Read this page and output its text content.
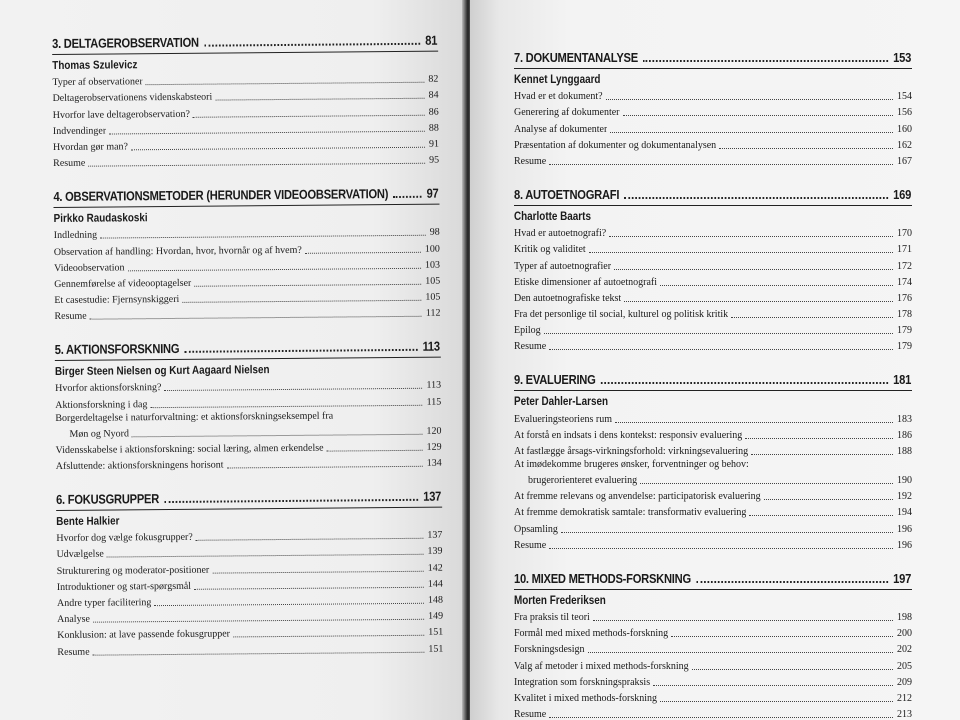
3. DELTAGEROBSERVATION	81
Thomas Szulevicz
Typer af observationer	82
Deltagerobservationens videnskabsteori	84
Hvorfor lave deltagerobservation?	86
Indvendinger	88
Hvordan gør man?	91
Resume	95
4. OBSERVATIONSMETODER (HERUNDER VIDEOOBSERVATION)	97
Pirkko Raudaskoski
Indledning	98
Observation af handling: Hvordan, hvor, hvornår og af hvem?	100
Videoobservation	103
Gennemførelse af videooptagelser	105
Et casestudie: Fjernsynskiggeri	105
Resume	112
5. AKTIONSFORSKNING	113
Birger Steen Nielsen og Kurt Aagaard Nielsen
Hvorfor aktionsforskning?	113
Aktionsforskning i dag	115
Borgerdeltagelse i naturforvaltning: et aktionsforskningseksempel fra
Møn og Nyord	120
Vidensskabelse i aktionsforskning: social læring, almen erkendelse	129
Afsluttende: aktionsforskningens horisont	134
6. FOKUSGRUPPER	137
Bente Halkier
Hvorfor dog vælge fokusgrupper?	137
Udvælgelse	139
Strukturering og moderator-positioner	142
Introduktioner og start-spørgsmål	144
Andre typer facilitering	148
Analyse	149
Konklusion: at lave passende fokusgrupper	151
Resume	151
7. DOKUMENTANALYSE	153
Kennet Lynggaard
Hvad er et dokument?	154
Generering af dokumenter	156
Analyse af dokumenter	160
Præsentation af dokumenter og dokumentanalysen	162
Resume	167
8. AUTOETNOGRAFI	169
Charlotte Baarts
Hvad er autoetnografi?	170
Kritik og validitet	171
Typer af autoetnografier	172
Etiske dimensioner af autoetnografi	174
Den autoetnografiske tekst	176
Fra det personlige til social, kulturel og politisk kritik	178
Epilog	179
Resume	179
9. EVALUERING	181
Peter Dahler-Larsen
Evalueringsteoriens rum	183
At forstå en indsats i dens kontekst: responsiv evaluering	186
At fastlægge årsags-virkningsforhold: virkningsevaluering	188
At imødekomme brugeres ønsker, forventninger og behov:
brugerorienteret evaluering	190
At fremme relevans og anvendelse: participatorisk evaluering	192
At fremme demokratisk samtale: transformativ evaluering	194
Opsamling	196
Resume	196
10. MIXED METHODS-FORSKNING	197
Morten Frederiksen
Fra praksis til teori	198
Formål med mixed methods-forskning	200
Forskningsdesign	202
Valg af metoder i mixed methods-forskning	205
Integration som forskningspraksis	209
Kvalitet i mixed methods-forskning	212
Resume	213
